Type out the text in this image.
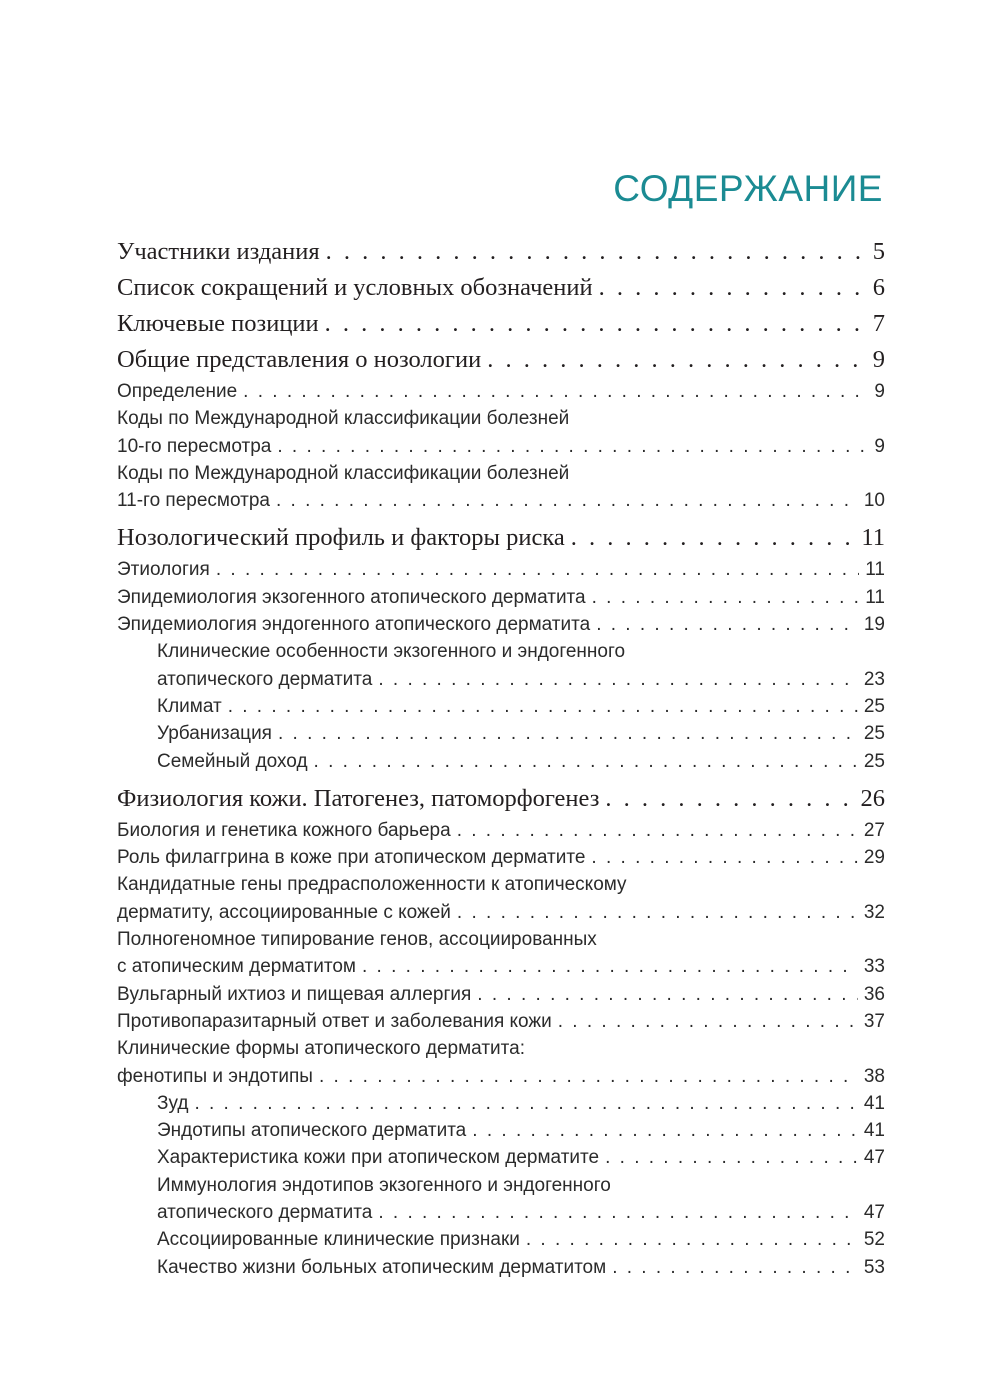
СОДЕРЖАНИЕ
Участники издания . . .	5
Список сокращений и условных обозначений . . .	6
Ключевые позиции . . .	7
Общие представления о нозологии . . .	9
Определение . . .	9
Коды по Международной классификации болезней
10-го пересмотра . . .	9
Коды по Международной классификации болезней
11-го пересмотра . . .	10
Нозологический профиль и факторы риска . . .	11
Этиология . . .	11
Эпидемиология экзогенного атопического дерматита . . .	11
Эпидемиология эндогенного атопического дерматита . . .	19
Клинические особенности экзогенного и эндогенного
атопического дерматита . . .	23
Климат . . .	25
Урбанизация . . .	25
Семейный доход . . .	25
Физиология кожи. Патогенез, патоморфогенез . . .	26
Биология и генетика кожного барьера . . .	27
Роль филаггрина в коже при атопическом дерматите . . .	29
Кандидатные гены предрасположенности к атопическому
дерматиту, ассоциированные с кожей . . .	32
Полногеномное типирование генов, ассоциированных
с атопическим дерматитом . . .	33
Вульгарный ихтиоз и пищевая аллергия . . .	36
Противопаразитарный ответ и заболевания кожи . . .	37
Клинические формы атопического дерматита:
фенотипы и эндотипы . . .	38
Зуд . . .	41
Эндотипы атопического дерматита . . .	41
Характеристика кожи при атопическом дерматите . . .	47
Иммунология эндотипов экзогенного и эндогенного
атопического дерматита . . .	47
Ассоциированные клинические признаки . . .	52
Качество жизни больных атопическим дерматитом . . .	53
